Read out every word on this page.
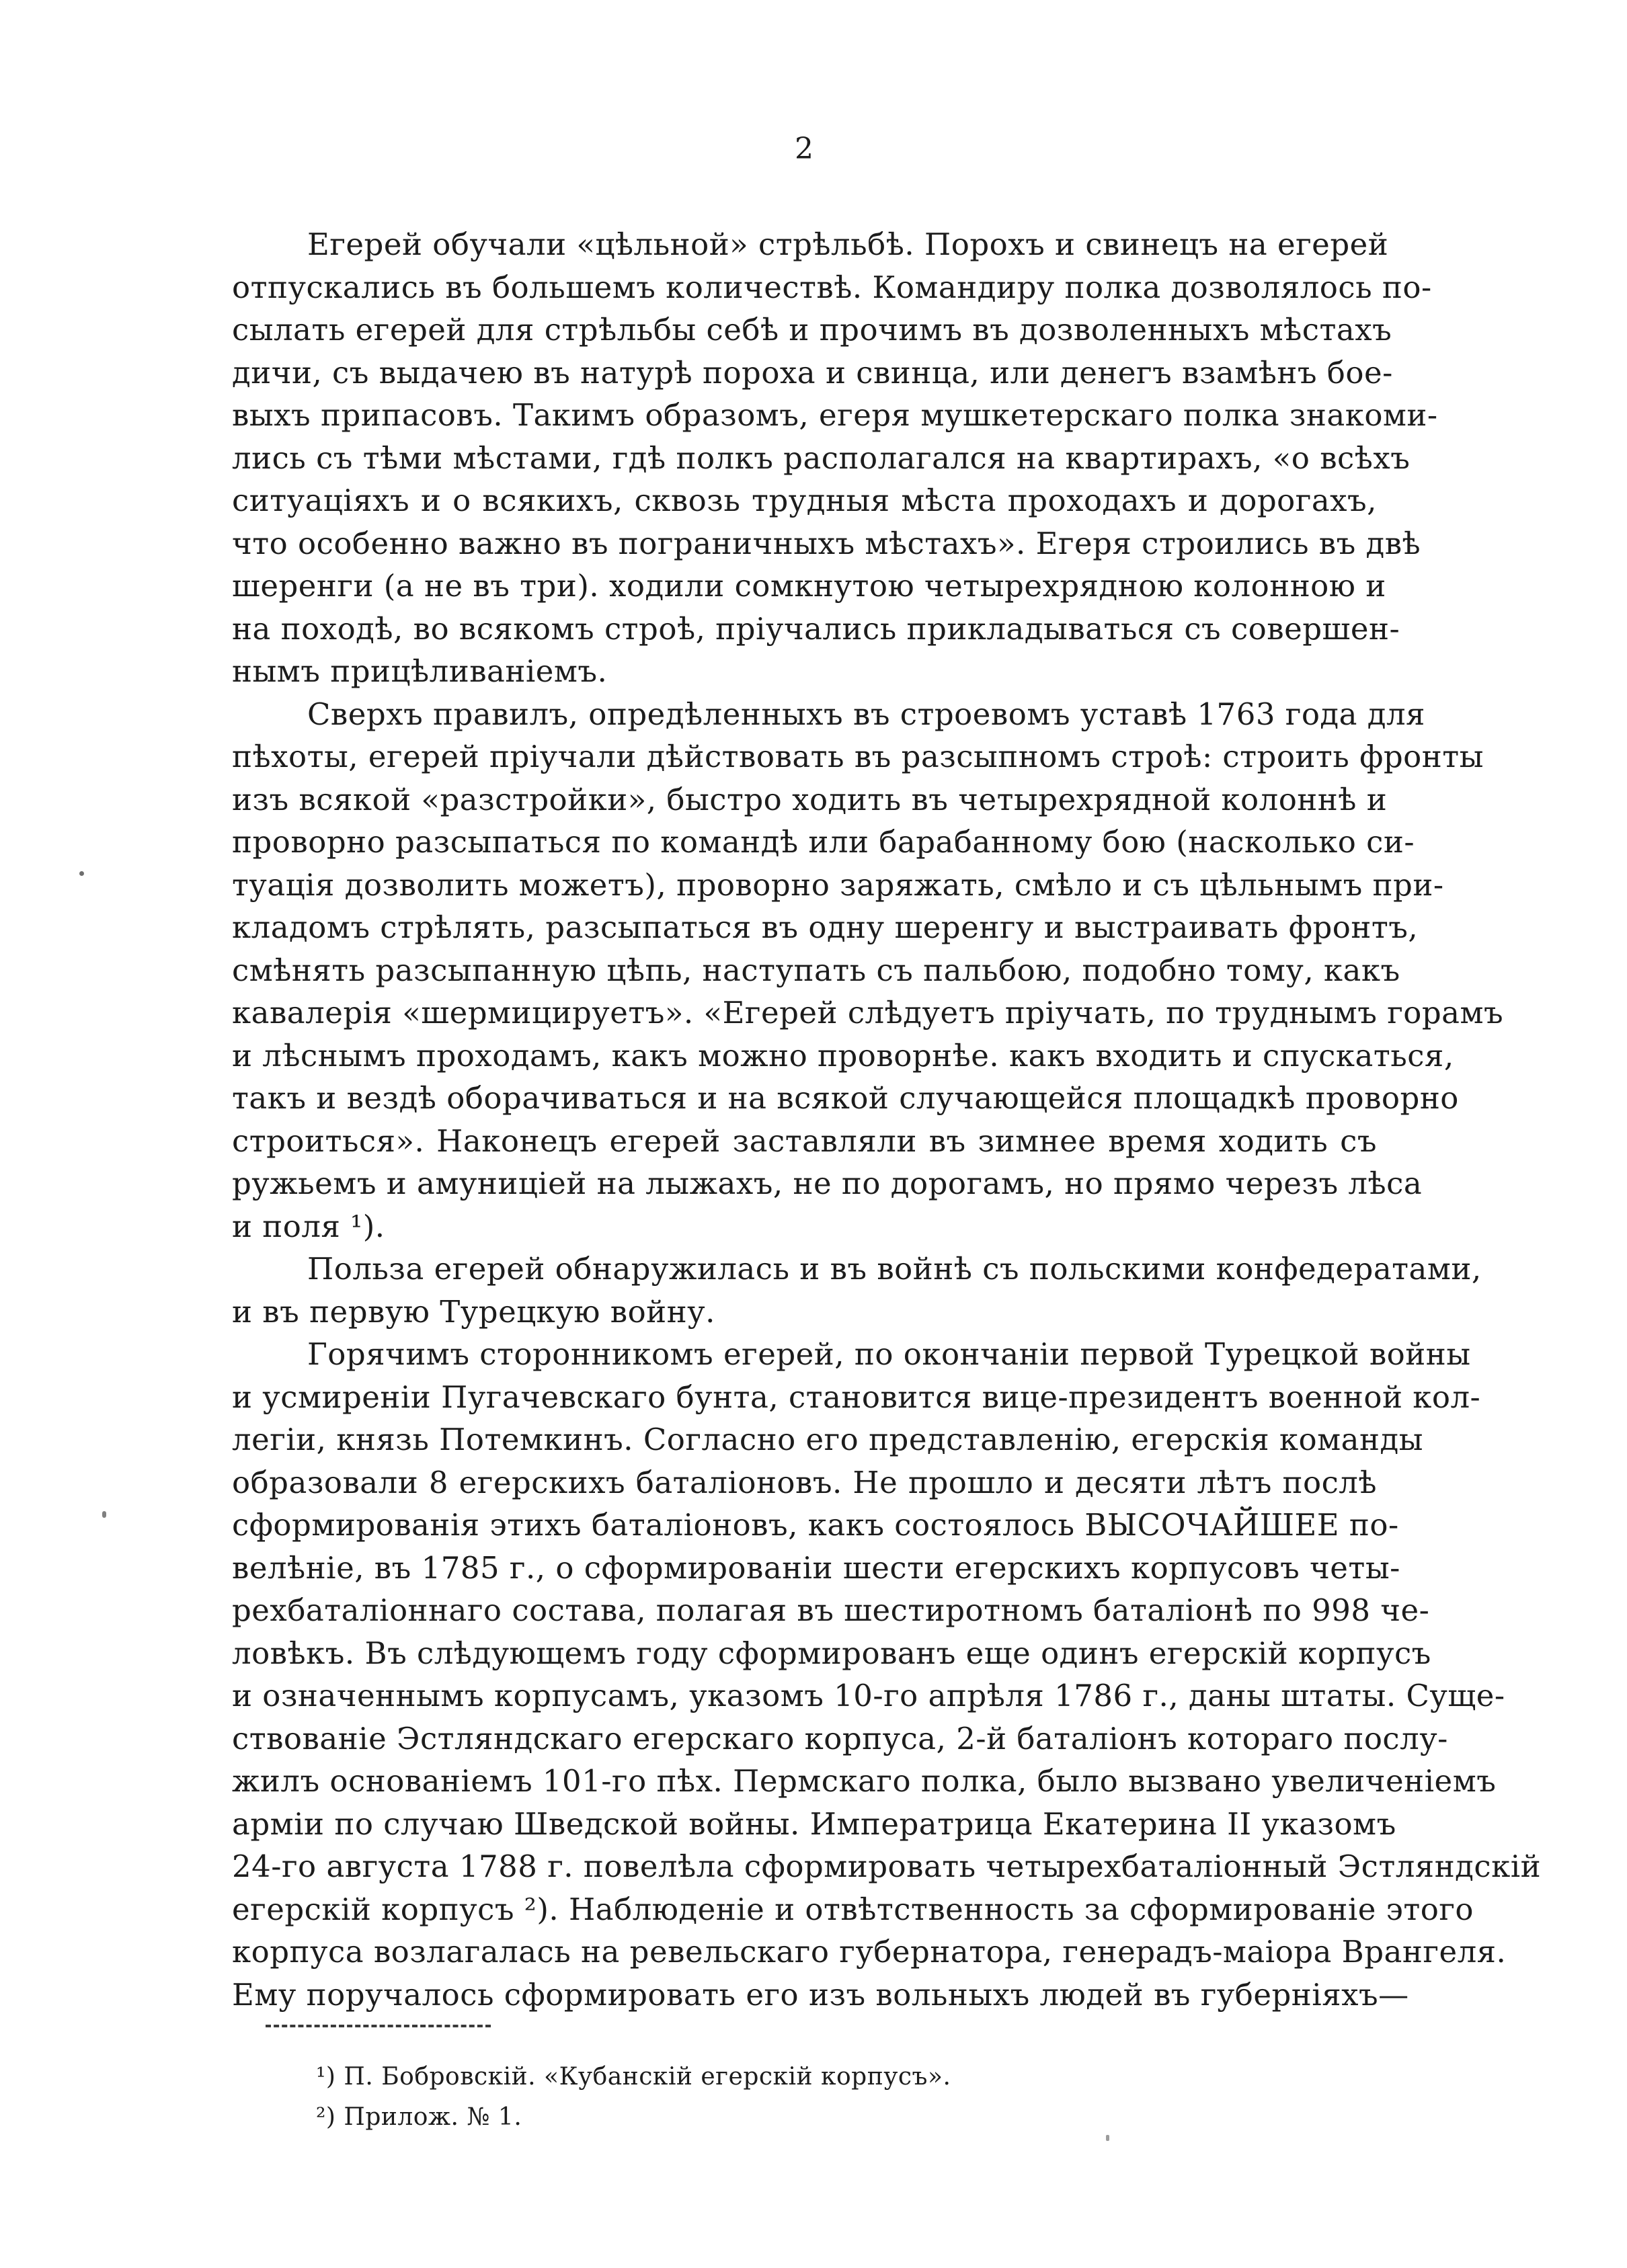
2
Егерей обучали «цѣльной» стрѣльбѣ. Порохъ и свинецъ на егерей
отпускались въ большемъ количествѣ. Командиру полка дозволялось по-
сылать егерей для стрѣльбы себѣ и прочимъ въ дозволенныхъ мѣстахъ
дичи, съ выдачею въ натурѣ пороха и свинца, или денегъ взамѣнъ бое-
выхъ припасовъ. Такимъ образомъ, егеря мушкетерскаго полка знакоми-
лись съ тѣми мѣстами, гдѣ полкъ располагался на квартирахъ, «о всѣхъ
ситуаціяхъ и о всякихъ, сквозь трудныя мѣста проходахъ и дорогахъ,
что особенно важно въ пограничныхъ мѣстахъ». Егеря строились въ двѣ
шеренги (а не въ три). ходили сомкнутою четырехрядною колонною и
на походѣ, во всякомъ строѣ, пріучались прикладываться съ совершен-
нымъ прицѣливаніемъ.
Сверхъ правилъ, опредѣленныхъ въ строевомъ уставѣ 1763 года для
пѣхоты, егерей пріучали дѣйствовать въ разсыпномъ строѣ: строить фронты
изъ всякой «разстройки», быстро ходить въ четырехрядной колоннѣ и
проворно разсыпаться по командѣ или барабанному бою (насколько си-
туація дозволить можетъ), проворно заряжать, смѣло и съ цѣльнымъ при-
кладомъ стрѣлять, разсыпаться въ одну шеренгу и выстраивать фронтъ,
смѣнять разсыпанную цѣпь, наступать съ пальбою, подобно тому, какъ
кавалерія «шермицируетъ». «Егерей слѣдуетъ пріучать, по труднымъ горамъ
и лѣснымъ проходамъ, какъ можно проворнѣе. какъ входить и спускаться,
такъ и вездѣ оборачиваться и на всякой случающейся площадкѣ проворно
строиться». Наконецъ егерей заставляли въ зимнее время ходить съ
ружьемъ и амуниціей на лыжахъ, не по дорогамъ, но прямо черезъ лѣса
и поля ¹).
Польза егерей обнаружилась и въ войнѣ съ польскими конфедератами,
и въ первую Турецкую войну.
Горячимъ сторонникомъ егерей, по окончаніи первой Турецкой войны
и усмиреніи Пугачевскаго бунта, становится вице-президентъ военной кол-
легіи, князь Потемкинъ. Согласно его представленію, егерскія команды
образовали 8 егерскихъ баталіоновъ. Не прошло и десяти лѣтъ послѣ
сформированія этихъ баталіоновъ, какъ состоялось ВЫСОЧАЙШЕЕ по-
велѣніе, въ 1785 г., о сформированіи шести егерскихъ корпусовъ четы-
рехбаталіоннаго состава, полагая въ шестиротномъ баталіонѣ по 998 че-
ловѣкъ. Въ слѣдующемъ году сформированъ еще одинъ егерскій корпусъ
и означеннымъ корпусамъ, указомъ 10-го апрѣля 1786 г., даны штаты. Суще-
ствованіе Эстляндскаго егерскаго корпуса, 2-й баталіонъ котораго послу-
жилъ основаніемъ 101-го пѣх. Пермскаго полка, было вызвано увеличеніемъ
арміи по случаю Шведской войны. Императрица Екатерина II указомъ
24-го августа 1788 г. повелѣла сформировать четырехбаталіонный Эстляндскій
егерскій корпусъ ²). Наблюденіе и отвѣтственность за сформированіе этого
корпуса возлагалась на ревельскаго губернатора, генерадъ-маіора Врангеля.
Ему поручалось сформировать его изъ вольныхъ людей въ губерніяхъ—
¹) П. Бобровскій. «Кубанскій егерскій корпусъ».
²) Прилож. № 1.
